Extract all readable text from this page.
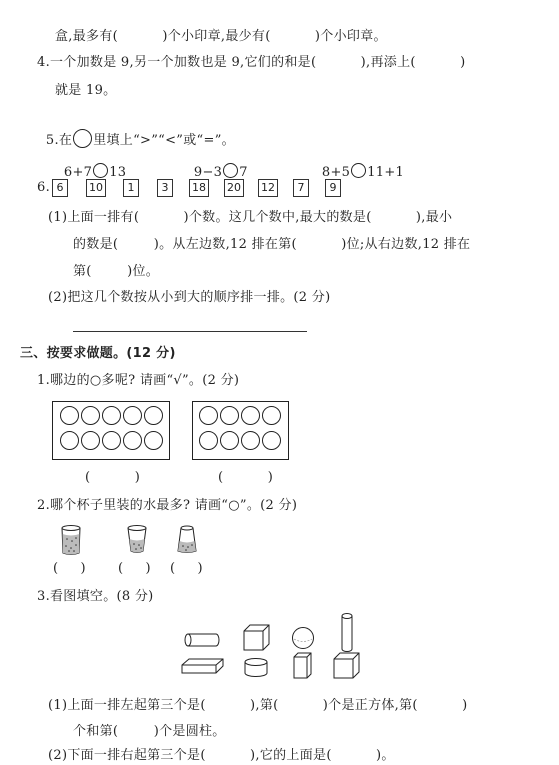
盒,最多有(          )个小印章,最少有(          )个小印章。
4.一个加数是 9,另一个加数也是 9,它们的和是(          ),再添上(          )
就是 19。

5.在 里填上“>”“<”或“=”。

6+7 13	9−3 7	8+5 11+1

6. 6	10	1	3	18 20 12	7	9
(1)上面一排有(          )个数。这几个数中,最大的数是(          ),最小
的数是(        )。从左边数,12 排在第(          )位;从右边数,12 排在
第(        )位。
(2)把这几个数按从小到大的顺序排一排。(2 分)
三、按要求做题。(12 分)
1.哪边的○多呢? 请画“√”。(2 分)
(          )	(          )
2.哪个杯子里装的水最多? 请画“○”。(2 分)
(     ) (     ) (     )
3.看图填空。(8 分)
(1)上面一排左起第三个是(          ),第(          )个是正方体,第(          )
个和第(        )个是圆柱。
(2)下面一排右起第三个是(          ),它的上面是(          )。
